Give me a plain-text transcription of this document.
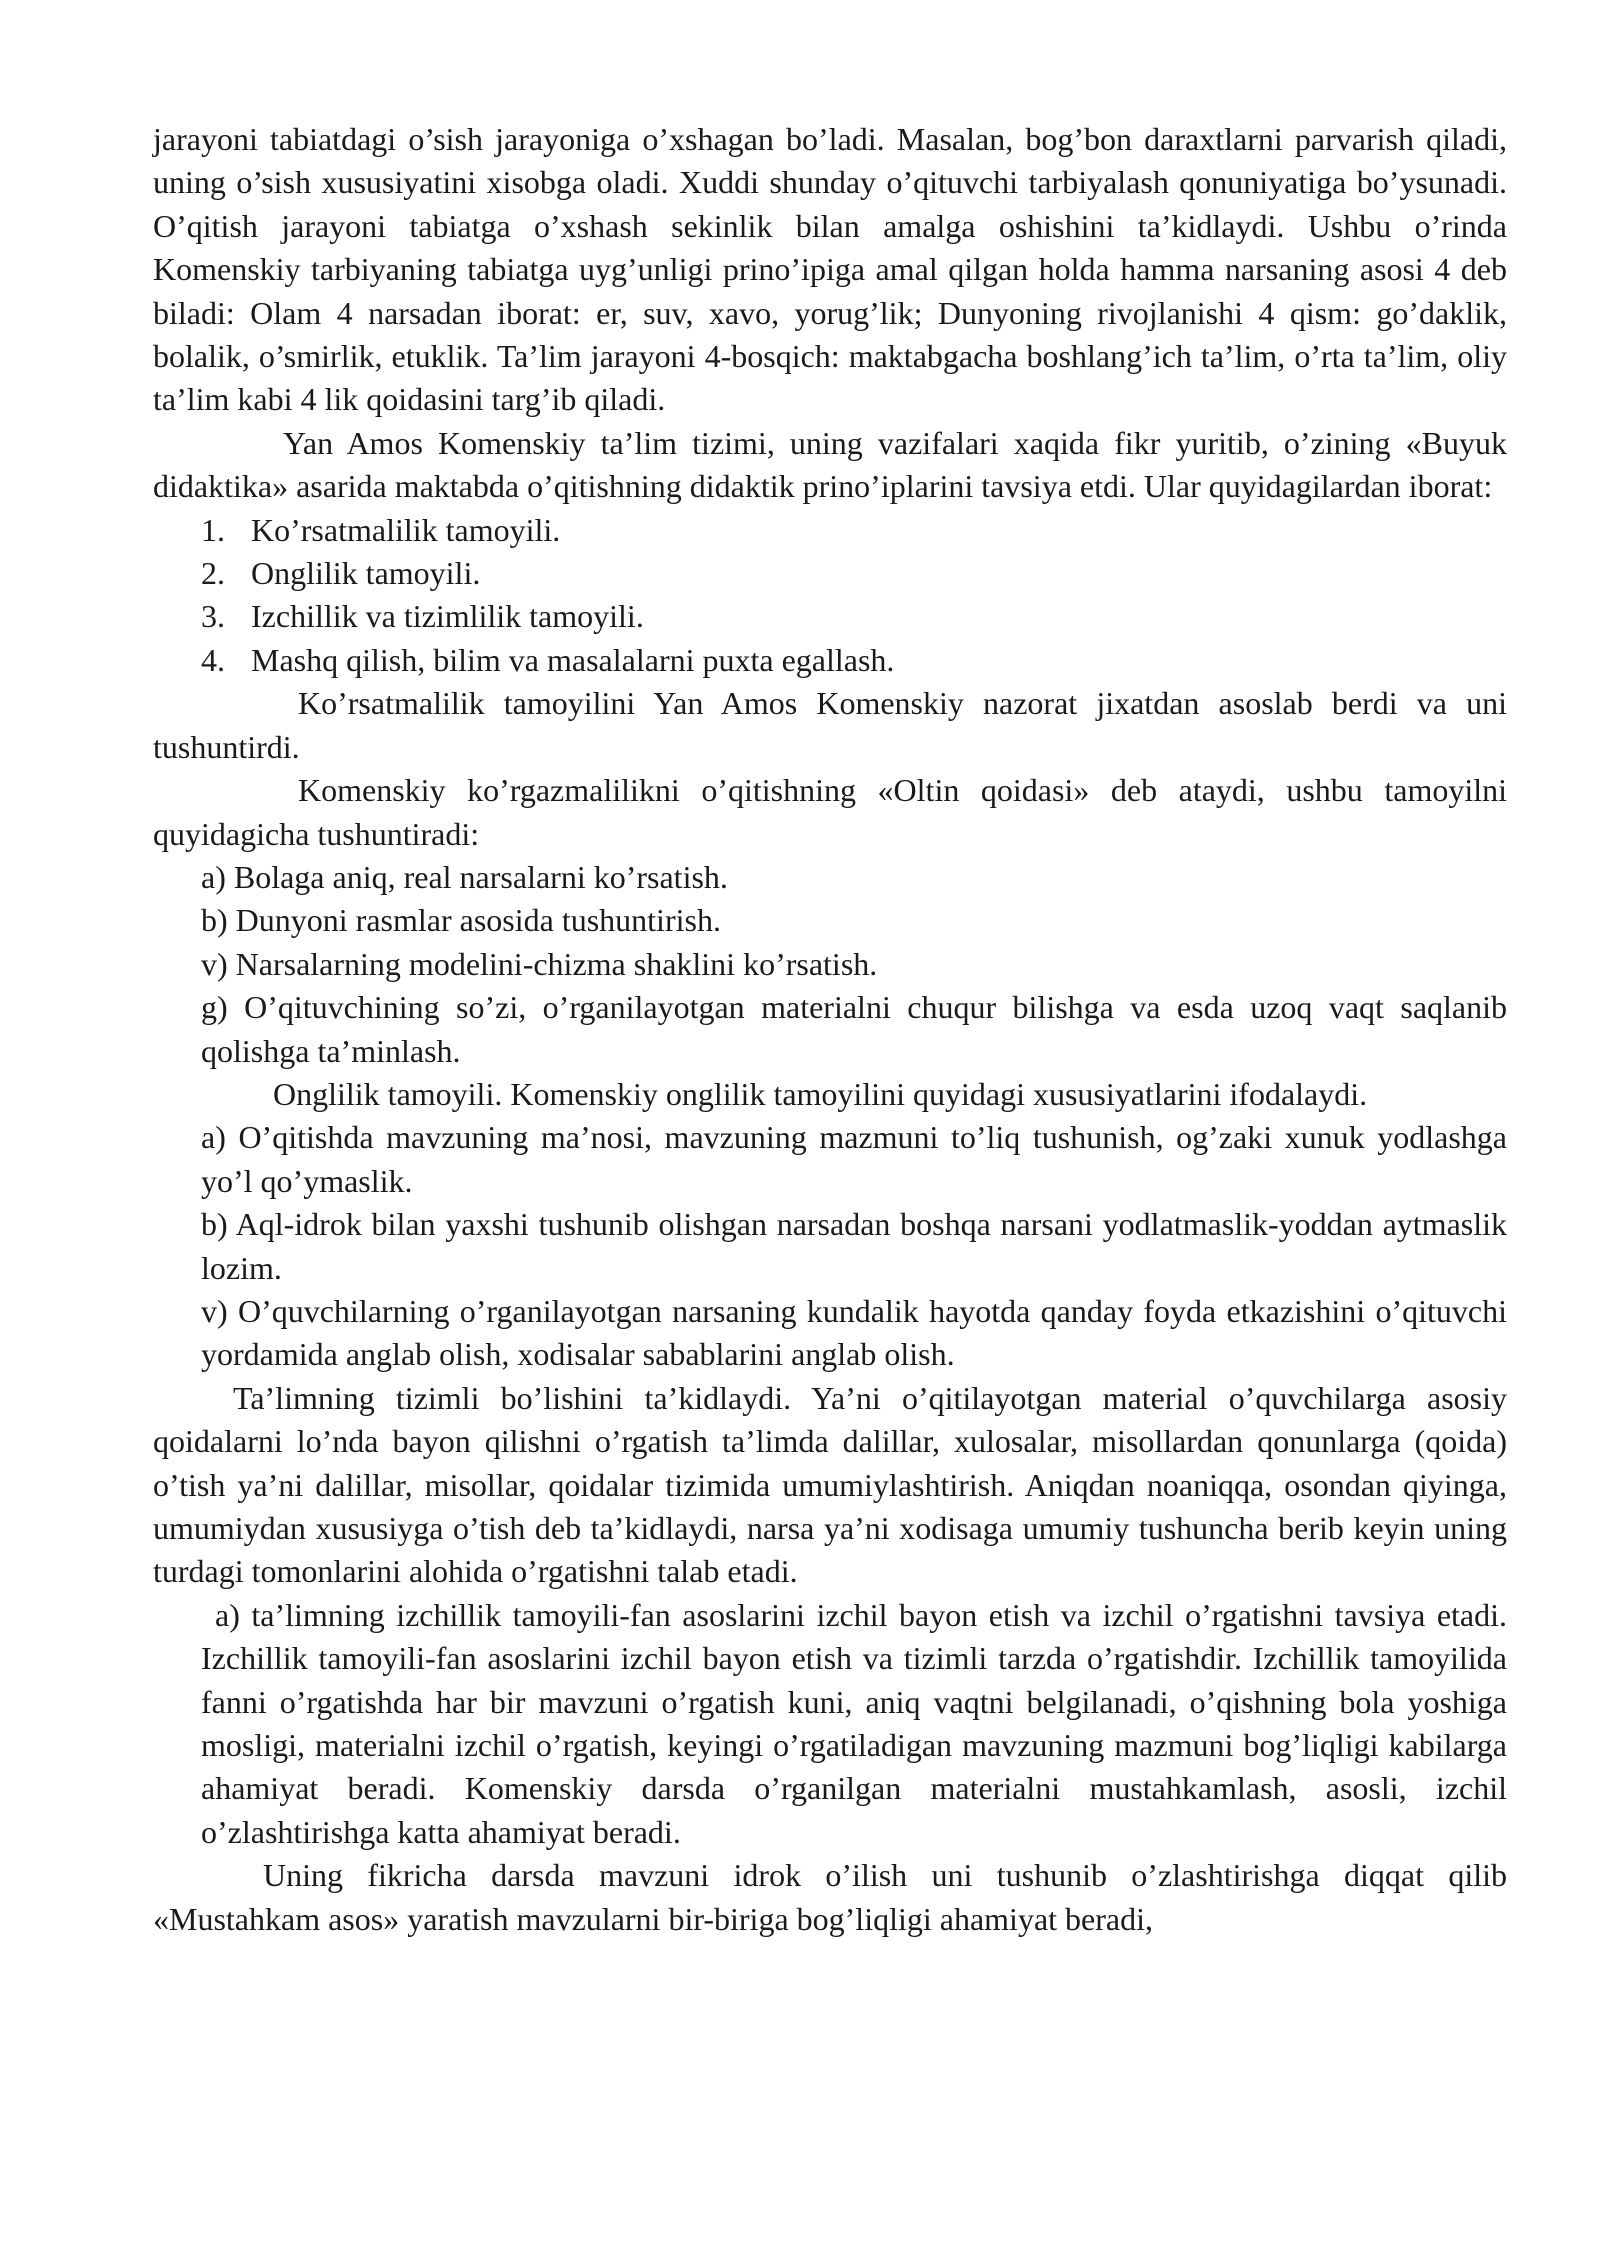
jarayoni tabiatdagi o’sish jarayoniga o’xshagan bo’ladi. Masalan, bog’bon daraxtlarni parvarish qiladi, uning o’sish xususiyatini xisobga oladi. Xuddi shunday o’qituvchi tarbiyalash qonuniyatiga bo’ysunadi. O’qitish jarayoni tabiatga o’xshash sekinlik bilan amalga oshishini ta’kidlaydi. Ushbu o’rinda Komenskiy tarbiyaning tabiatga uyg’unligi prino’ipiga amal qilgan holda hamma narsaning asosi 4 deb biladi: Olam 4 narsadan iborat: er, suv, xavo, yorug’lik; Dunyoning rivojlanishi 4 qism: go’daklik, bolalik, o’smirlik, etuklik. Ta’lim jarayoni 4-bosqich: maktabgacha boshlang’ich ta’lim, o’rta ta’lim, oliy ta’lim kabi 4 lik qoidasini targ’ib qiladi.

Yan Amos Komenskiy ta’lim tizimi, uning vazifalari xaqida fikr yuritib, o’zining «Buyuk didaktika» asarida maktabda o’qitishning didaktik prino’iplarini tavsiya etdi. Ular quyidagilardan iborat:

1. Ko’rsatmalilik tamoyili.
2. Onglilik tamoyili.
3. Izchillik va tizimlilik tamoyili.
4. Mashq qilish, bilim va masalalarni puxta egallash.

Ko’rsatmalilik tamoyilini Yan Amos Komenskiy nazorat jixatdan asoslab berdi va uni tushuntirdi.

Komenskiy ko’rgazmalilikni o’qitishning «Oltin qoidasi» deb ataydi, ushbu tamoyilni quyidagicha tushuntiradi:

a) Bolaga aniq, real narsalarni ko’rsatish.

b) Dunyoni rasmlar asosida tushuntirish.

v) Narsalarning modelini-chizma shaklini ko’rsatish.

g) O’qituvchining so’zi, o’rganilayotgan materialni chuqur bilishga va esda uzoq vaqt saqlanib qolishga ta’minlash.

Onglilik tamoyili. Komenskiy onglilik tamoyilini quyidagi xususiyatlarini ifodalaydi.

a) O’qitishda mavzuning ma’nosi, mavzuning mazmuni to’liq tushunish, og’zaki xunuk yodlashga yo’l qo’ymaslik.

b) Aql-idrok bilan yaxshi tushunib olishgan narsadan boshqa narsani yodlatmaslik-yoddan aytmaslik lozim.

v) O’quvchilarning o’rganilayotgan narsaning kundalik hayotda qanday foyda etkazishini o’qituvchi yordamida anglab olish, xodisalar sabablarini anglab olish.

Ta’limning tizimli bo’lishini ta’kidlaydi. Ya’ni o’qitilayotgan material o’quvchilarga asosiy qoidalarni lo’nda bayon qilishni o’rgatish ta’limda dalillar, xulosalar, misollardan qonunlarga (qoida) o’tish ya’ni dalillar, misollar, qoidalar tizimida umumiylashtirish. Aniqdan noaniqqa, osondan qiyinga, umumiydan xususiyga o’tish deb ta’kidlaydi, narsa ya’ni xodisaga umumiy tushuncha berib keyin uning turdagi tomonlarini alohida o’rgatishni talab etadi.

a) ta’limning izchillik tamoyili-fan asoslarini izchil bayon etish va izchil o’rgatishni tavsiya etadi. Izchillik tamoyili-fan asoslarini izchil bayon etish va tizimli tarzda o’rgatishdir. Izchillik tamoyilida fanni o’rgatishda har bir mavzuni o’rgatish kuni, aniq vaqtni belgilanadi, o’qishning bola yoshiga mosligi, materialni izchil o’rgatish, keyingi o’rgatiladigan mavzuning mazmuni bog’liqligi kabilarga ahamiyat beradi. Komenskiy darsda o’rganilgan materialni mustahkamlash, asosli, izchil o’zlashtirishga katta ahamiyat beradi.

Uning fikricha darsda mavzuni idrok o’ilish uni tushunib o’zlashtirishga diqqat qilib «Mustahkam asos» yaratish mavzularni bir-biriga bog’liqligi ahamiyat beradi,
